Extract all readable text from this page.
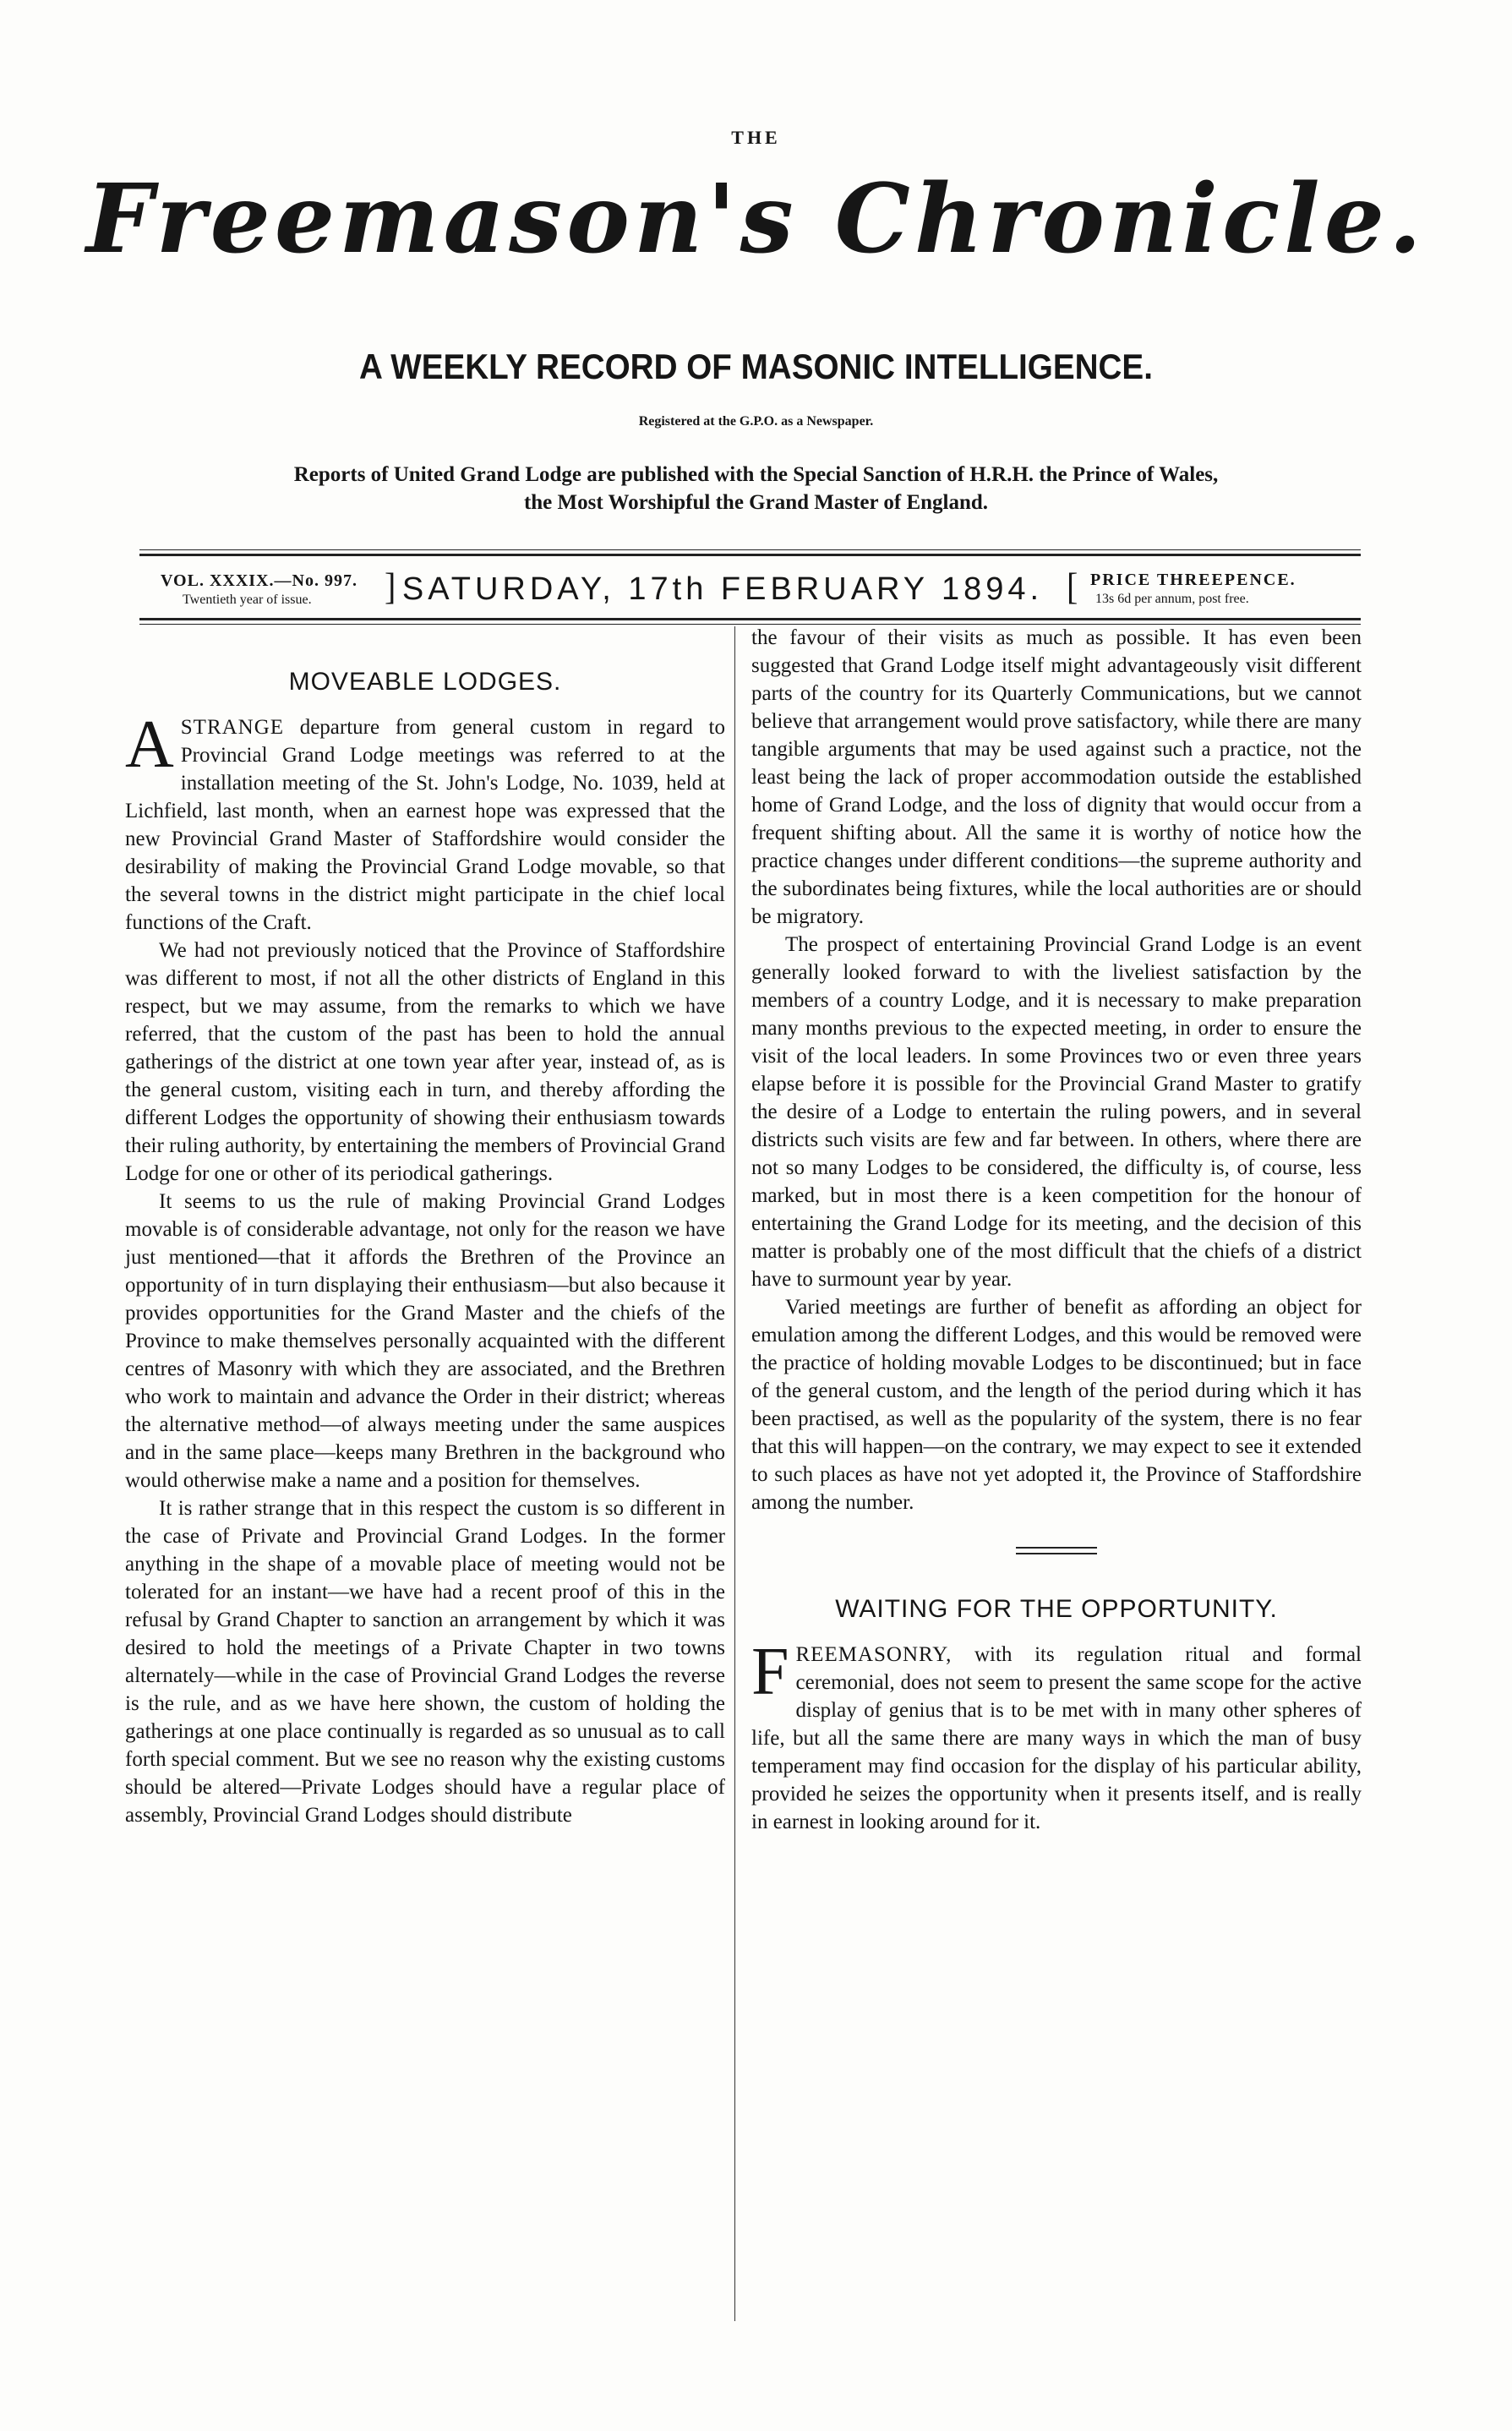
THE
Freemason's Chronicle.
A WEEKLY RECORD OF MASONIC INTELLIGENCE.
Registered at the G.P.O. as a Newspaper.
Reports of United Grand Lodge are published with the Special Sanction of H.R.H. the Prince of Wales,
the Most Worshipful the Grand Master of England.
VOL. XXXIX.—No. 997.
Twentieth year of issue. ] SATURDAY, 17th FEBRUARY 1894. [ PRICE THREEPENCE.
13s 6d per annum, post free.
MOVEABLE LODGES.

A STRANGE departure from general custom in regard to Provincial Grand Lodge meetings was referred to at the installation meeting of the St. John's Lodge, No. 1039, held at Lichfield, last month, when an earnest hope was expressed that the new Provincial Grand Master of Staffordshire would consider the desirability of making the Provincial Grand Lodge movable, so that the several towns in the district might participate in the chief local functions of the Craft.

We had not previously noticed that the Province of Staffordshire was different to most, if not all the other districts of England in this respect, but we may assume, from the remarks to which we have referred, that the custom of the past has been to hold the annual gatherings of the district at one town year after year, instead of, as is the general custom, visiting each in turn, and thereby affording the different Lodges the opportunity of showing their enthusiasm towards their ruling authority, by entertaining the members of Provincial Grand Lodge for one or other of its periodical gatherings.

It seems to us the rule of making Provincial Grand Lodges movable is of considerable advantage, not only for the reason we have just mentioned—that it affords the Brethren of the Province an opportunity of in turn displaying their enthusiasm—but also because it provides opportunities for the Grand Master and the chiefs of the Province to make themselves personally acquainted with the different centres of Masonry with which they are associated, and the Brethren who work to maintain and advance the Order in their district; whereas the alternative method—of always meeting under the same auspices and in the same place—keeps many Brethren in the background who would otherwise make a name and a position for themselves.

It is rather strange that in this respect the custom is so different in the case of Private and Provincial Grand Lodges. In the former anything in the shape of a movable place of meeting would not be tolerated for an instant—we have had a recent proof of this in the refusal by Grand Chapter to sanction an arrangement by which it was desired to hold the meetings of a Private Chapter in two towns alternately—while in the case of Provincial Grand Lodges the reverse is the rule, and as we have here shown, the custom of holding the gatherings at one place continually is regarded as so unusual as to call forth special comment. But we see no reason why the existing customs should be altered—Private Lodges should have a regular place of assembly, Provincial Grand Lodges should distribute

the favour of their visits as much as possible. It has even been suggested that Grand Lodge itself might advantageously visit different parts of the country for its Quarterly Communications, but we cannot believe that arrangement would prove satisfactory, while there are many tangible arguments that may be used against such a practice, not the least being the lack of proper accommodation outside the established home of Grand Lodge, and the loss of dignity that would occur from a frequent shifting about. All the same it is worthy of notice how the practice changes under different conditions—the supreme authority and the subordinates being fixtures, while the local authorities are or should be migratory.

The prospect of entertaining Provincial Grand Lodge is an event generally looked forward to with the liveliest satisfaction by the members of a country Lodge, and it is necessary to make preparation many months previous to the expected meeting, in order to ensure the visit of the local leaders. In some Provinces two or even three years elapse before it is possible for the Provincial Grand Master to gratify the desire of a Lodge to entertain the ruling powers, and in several districts such visits are few and far between. In others, where there are not so many Lodges to be considered, the difficulty is, of course, less marked, but in most there is a keen competition for the honour of entertaining the Grand Lodge for its meeting, and the decision of this matter is probably one of the most difficult that the chiefs of a district have to surmount year by year.

Varied meetings are further of benefit as affording an object for emulation among the different Lodges, and this would be removed were the practice of holding movable Lodges to be discontinued; but in face of the general custom, and the length of the period during which it has been practised, as well as the popularity of the system, there is no fear that this will happen—on the contrary, we may expect to see it extended to such places as have not yet adopted it, the Province of Staffordshire among the number.

WAITING FOR THE OPPORTUNITY.

FREEMASONRY, with its regulation ritual and formal ceremonial, does not seem to present the same scope for the active display of genius that is to be met with in many other spheres of life, but all the same there are many ways in which the man of busy temperament may find occasion for the display of his particular ability, provided he seizes the opportunity when it presents itself, and is really in earnest in looking around for it.
